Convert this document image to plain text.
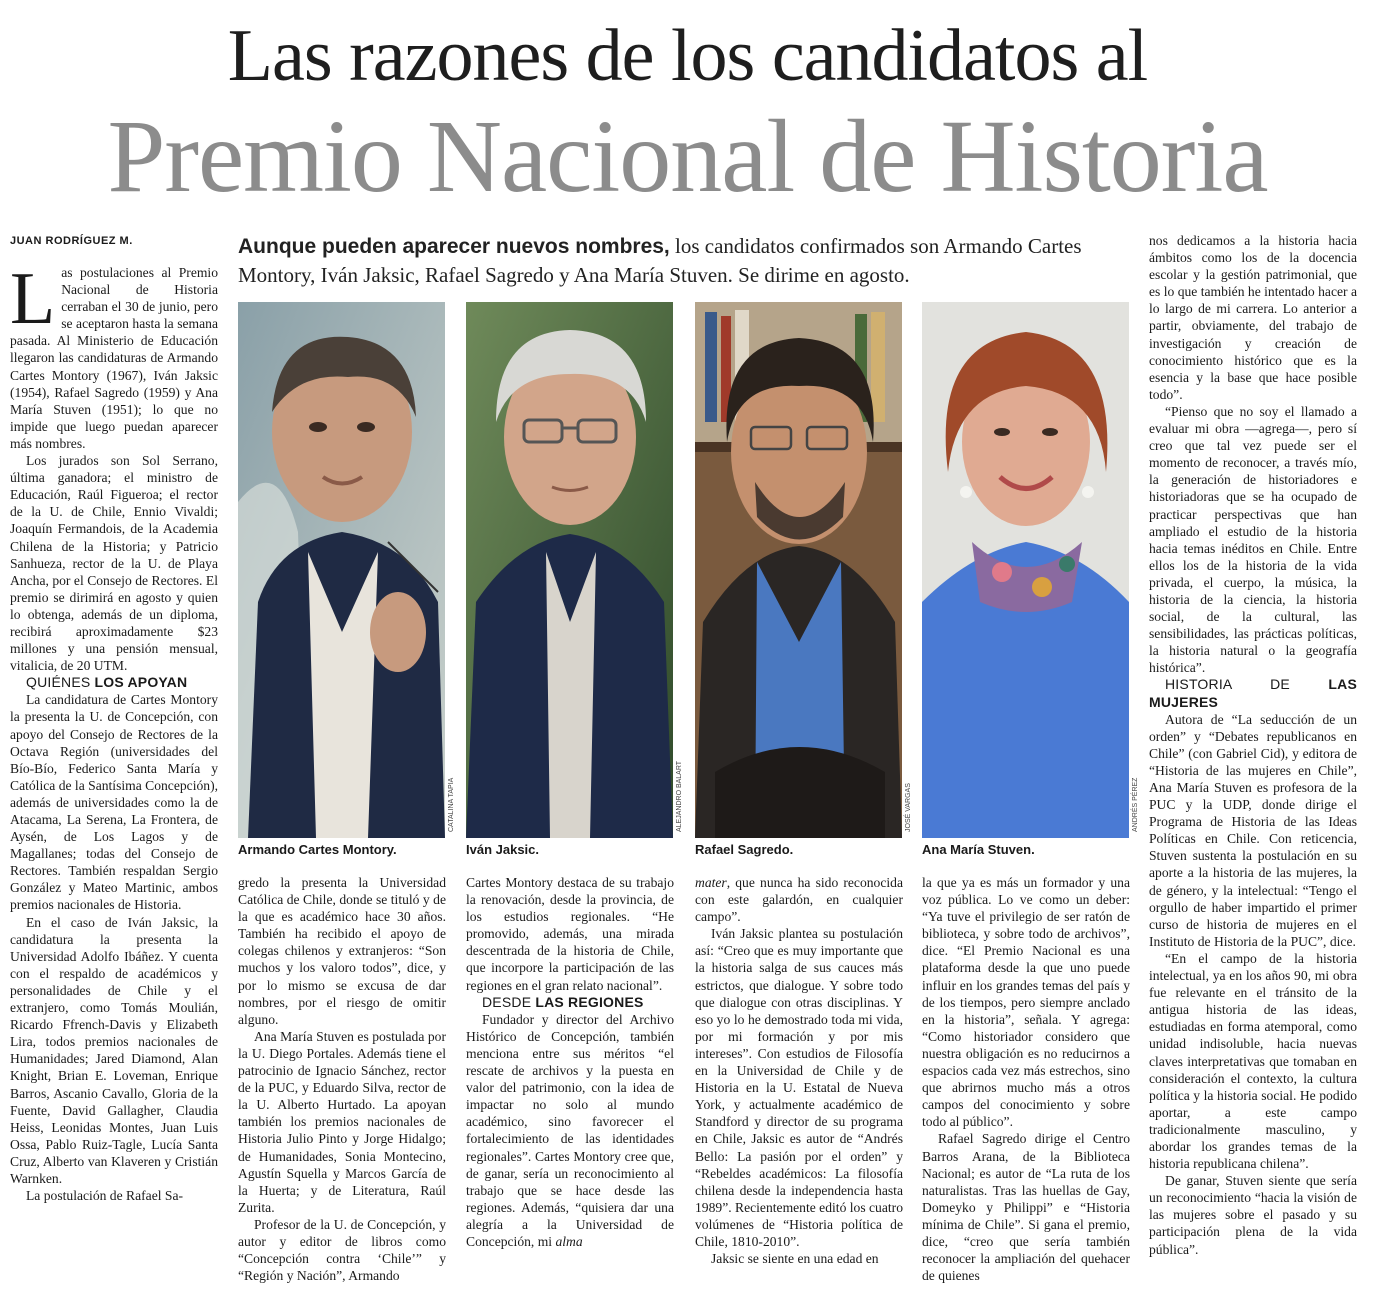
Las razones de los candidatos al
Premio Nacional de Historia
JUAN RODRÍGUEZ M.	Aunque pueden aparecer nuevos nombres, los candidatos confirmados son Armando Cartes Montory, Iván Jaksic, Rafael Sagredo y Ana María Stuven. Se dirime en agosto.
CATALINA TAPIA	ALEJANDRO BALART	JOSÉ VARGAS	ANDRÉS PÉREZ
Armando Cartes Montory.	Iván Jaksic.	Rafael Sagredo.	Ana María Stuven.

Las postulaciones al Premio Nacional de Historia cerraban el 30 de junio, pero se aceptaron hasta la semana pasada. Al Ministerio de Educación llegaron las candidaturas de Armando Cartes Montory (1967), Iván Jaksic (1954), Rafael Sagredo (1959) y Ana María Stuven (1951); lo que no impide que luego puedan aparecer más nombres.

Los jurados son Sol Serrano, última ganadora; el ministro de Educación, Raúl Figueroa; el rector de la U. de Chile, Ennio Vivaldi; Joaquín Fermandois, de la Academia Chilena de la Historia; y Patricio Sanhueza, rector de la U. de Playa Ancha, por el Consejo de Rectores. El premio se dirimirá en agosto y quien lo obtenga, además de un diploma, recibirá aproximadamente $23 millones y una pensión mensual, vitalicia, de 20 UTM.

QUIÉNES LOS APOYAN

La candidatura de Cartes Montory la presenta la U. de Concepción, con apoyo del Consejo de Rectores de la Octava Región (universidades del Bío-Bío, Federico Santa María y Católica de la Santísima Concepción), además de universidades como la de Atacama, La Serena, La Frontera, de Aysén, de Los Lagos y de Magallanes; todas del Consejo de Rectores. También respaldan Sergio González y Mateo Martinic, ambos premios nacionales de Historia.

En el caso de Iván Jaksic, la candidatura la presenta la Universidad Adolfo Ibáñez. Y cuenta con el respaldo de académicos y personalidades de Chile y el extranjero, como Tomás Moulián, Ricardo Ffrench-Davis y Elizabeth Lira, todos premios nacionales de Humanidades; Jared Diamond, Alan Knight, Brian E. Loveman, Enrique Barros, Ascanio Cavallo, Gloria de la Fuente, David Gallagher, Claudia Heiss, Leonidas Montes, Juan Luis Ossa, Pablo Ruiz-Tagle, Lucía Santa Cruz, Alberto van Klaveren y Cristián Warnken.

La postulación de Rafael Sa-

gredo la presenta la Universidad Católica de Chile, donde se tituló y de la que es académico hace 30 años. También ha recibido el apoyo de colegas chilenos y extranjeros: “Son muchos y los valoro todos”, dice, y por lo mismo se excusa de dar nombres, por el riesgo de omitir alguno.

Ana María Stuven es postulada por la U. Diego Portales. Además tiene el patrocinio de Ignacio Sánchez, rector de la PUC, y Eduardo Silva, rector de la U. Alberto Hurtado. La apoyan también los premios nacionales de Historia Julio Pinto y Jorge Hidalgo; de Humanidades, Sonia Montecino, Agustín Squella y Marcos García de la Huerta; y de Literatura, Raúl Zurita.

Profesor de la U. de Concepción, y autor y editor de libros como “Concepción contra ‘Chile’” y “Región y Nación”, Armando

Cartes Montory destaca de su trabajo la renovación, desde la provincia, de los estudios regionales. “He promovido, además, una mirada descentrada de la historia de Chile, que incorpore la participación de las regiones en el gran relato nacional”.

DESDE LAS REGIONES

Fundador y director del Archivo Histórico de Concepción, también menciona entre sus méritos “el rescate de archivos y la puesta en valor del patrimonio, con la idea de impactar no solo al mundo académico, sino favorecer el fortalecimiento de las identidades regionales”. Cartes Montory cree que, de ganar, sería un reconocimiento al trabajo que se hace desde las regiones. Además, “quisiera dar una alegría a la Universidad de Concepción, mi alma

mater, que nunca ha sido reconocida con este galardón, en cualquier campo”.

Iván Jaksic plantea su postulación así: “Creo que es muy importante que la historia salga de sus cauces más estrictos, que dialogue. Y sobre todo que dialogue con otras disciplinas. Y eso yo lo he demostrado toda mi vida, por mi formación y por mis intereses”. Con estudios de Filosofía en la Universidad de Chile y de Historia en la U. Estatal de Nueva York, y actualmente académico de Standford y director de su programa en Chile, Jaksic es autor de “Andrés Bello: La pasión por el orden” y “Rebeldes académicos: La filosofía chilena desde la independencia hasta 1989”. Recientemente editó los cuatro volúmenes de “Historia política de Chile, 1810-2010”.

Jaksic se siente en una edad en

la que ya es más un formador y una voz pública. Lo ve como un deber: “Ya tuve el privilegio de ser ratón de biblioteca, y sobre todo de archivos”, dice. “El Premio Nacional es una plataforma desde la que uno puede influir en los grandes temas del país y de los tiempos, pero siempre anclado en la historia”, señala. Y agrega: “Como historiador considero que nuestra obligación es no reducirnos a espacios cada vez más estrechos, sino que abrirnos mucho más a otros campos del conocimiento y sobre todo al público”.

Rafael Sagredo dirige el Centro Barros Arana, de la Biblioteca Nacional; es autor de “La ruta de los naturalistas. Tras las huellas de Gay, Domeyko y Philippi” e “Historia mínima de Chile”. Si gana el premio, dice, “creo que sería también reconocer la ampliación del quehacer de quienes

nos dedicamos a la historia hacia ámbitos como los de la docencia escolar y la gestión patrimonial, que es lo que también he intentado hacer a lo largo de mi carrera. Lo anterior a partir, obviamente, del trabajo de investigación y creación de conocimiento histórico que es la esencia y la base que hace posible todo”.

“Pienso que no soy el llamado a evaluar mi obra —agrega—, pero sí creo que tal vez puede ser el momento de reconocer, a través mío, la generación de historiadores e historiadoras que se ha ocupado de practicar perspectivas que han ampliado el estudio de la historia hacia temas inéditos en Chile. Entre ellos los de la historia de la vida privada, el cuerpo, la música, la historia de la ciencia, la historia social, de la cultural, las sensibilidades, las prácticas políticas, la historia natural o la geografía histórica”.

HISTORIA DE LAS MUJERES

Autora de “La seducción de un orden” y “Debates republicanos en Chile” (con Gabriel Cid), y editora de “Historia de las mujeres en Chile”, Ana María Stuven es profesora de la PUC y la UDP, donde dirige el Programa de Historia de las Ideas Políticas en Chile. Con reticencia, Stuven sustenta la postulación en su aporte a la historia de las mujeres, la de género, y la intelectual: “Tengo el orgullo de haber impartido el primer curso de historia de mujeres en el Instituto de Historia de la PUC”, dice.

“En el campo de la historia intelectual, ya en los años 90, mi obra fue relevante en el tránsito de la antigua historia de las ideas, estudiadas en forma atemporal, como unidad indisoluble, hacia nuevas claves interpretativas que tomaban en consideración el contexto, la cultura política y la historia social. He podido aportar, a este campo tradicionalmente masculino, y abordar los grandes temas de la historia republicana chilena”.

De ganar, Stuven siente que sería un reconocimiento “hacia la visión de las mujeres sobre el pasado y su participación plena de la vida pública”.
